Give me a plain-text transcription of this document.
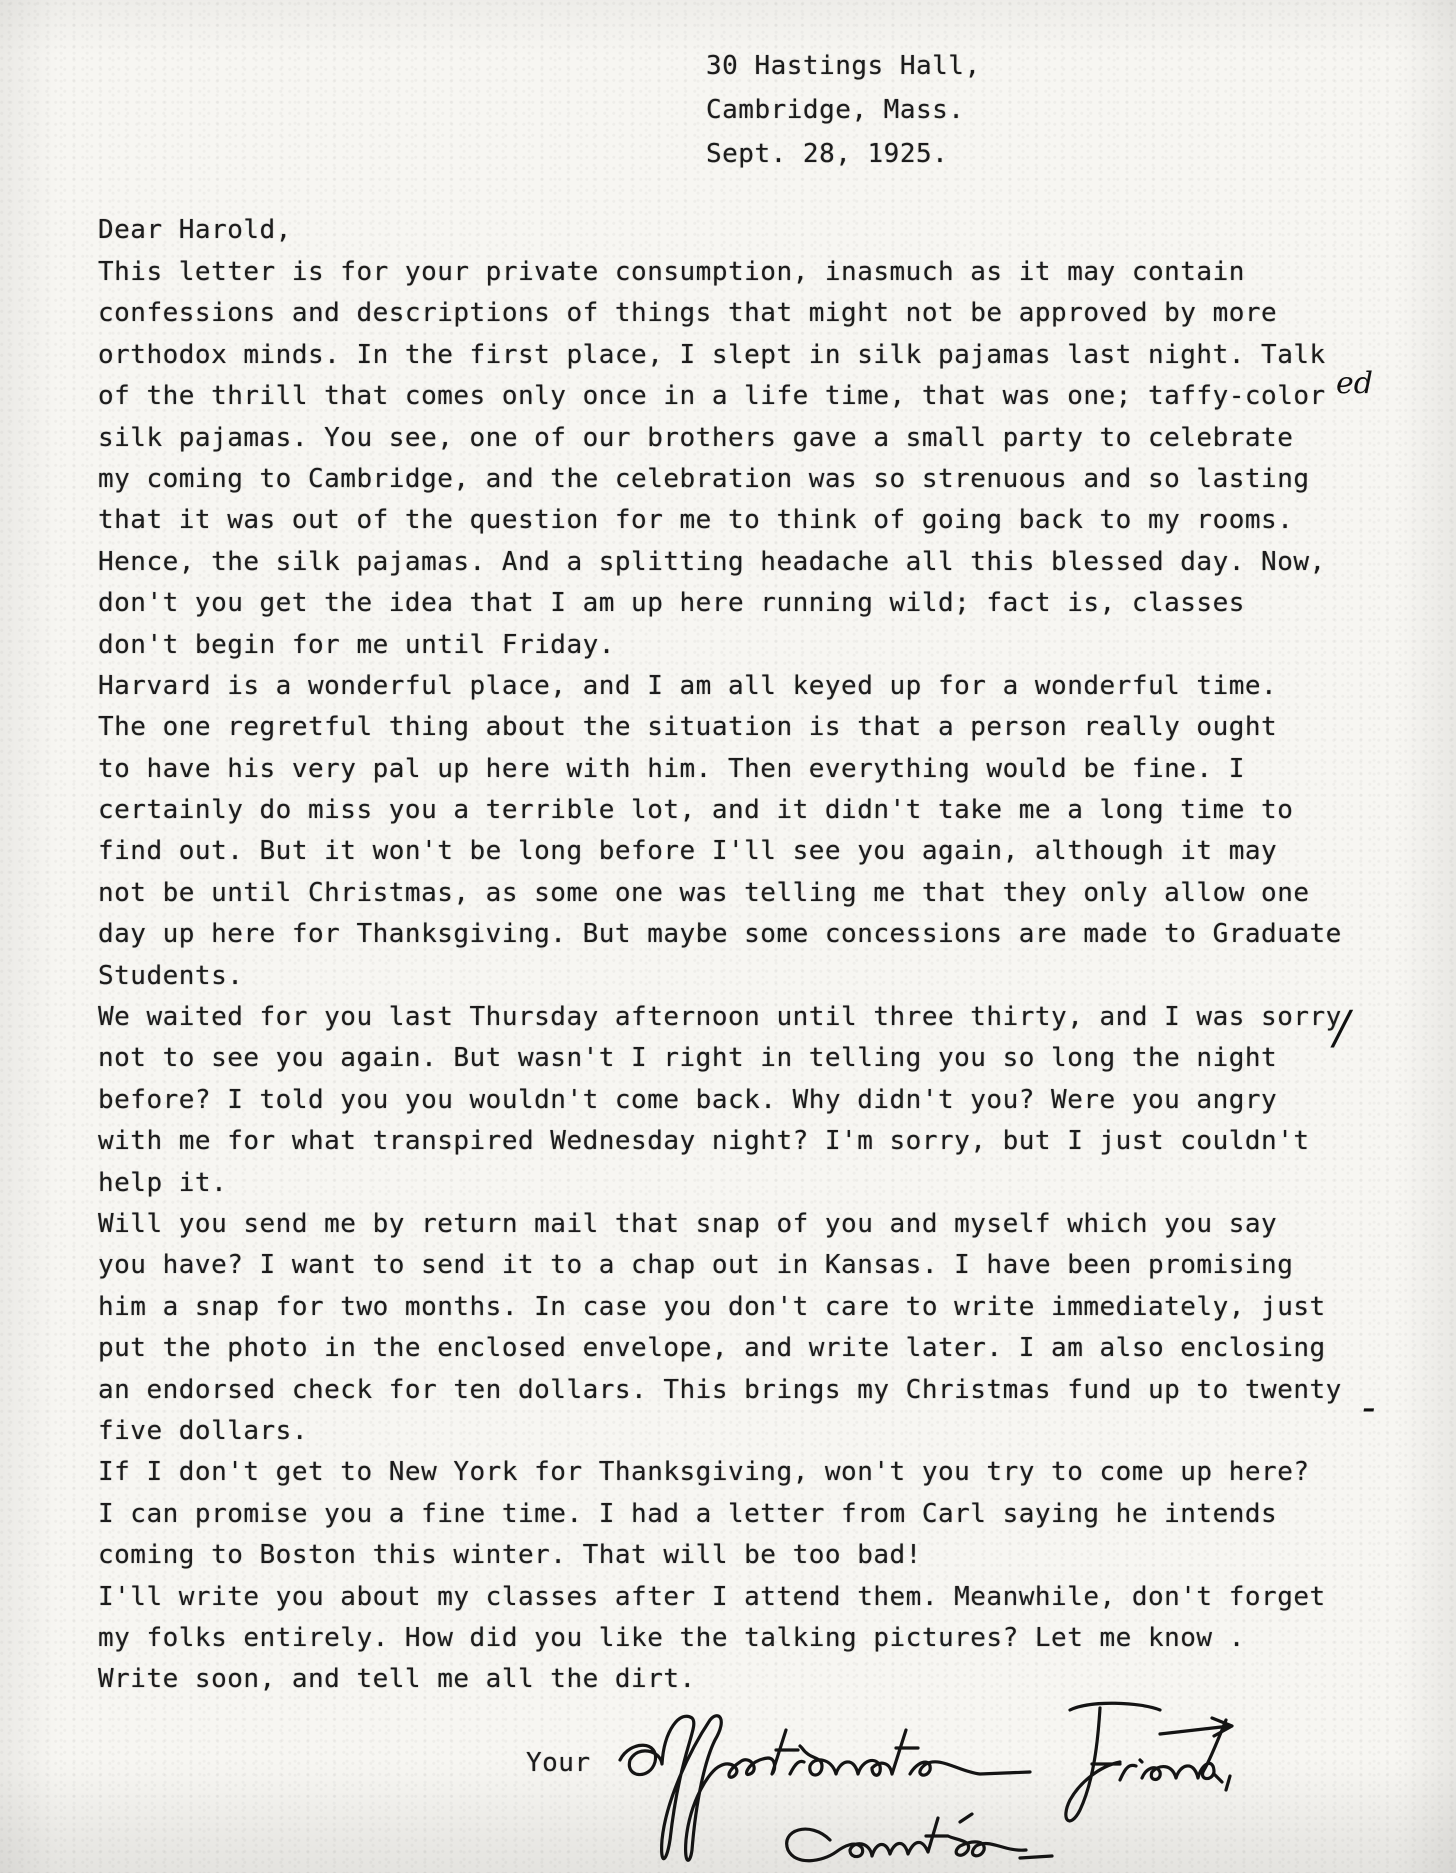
30 Hastings Hall,
Cambridge, Mass.
Sept. 28, 1925.
Dear Harold,
This letter is for your private consumption, inasmuch as it may contain
confessions and descriptions of things that might not be approved by more
orthodox minds. In the first place, I slept in silk pajamas last night. Talk
of the thrill that comes only once in a life time, that was one; taffy-color
silk pajamas. You see, one of our brothers gave a small party to celebrate
my coming to Cambridge, and the celebration was so strenuous and so lasting
that it was out of the question for me to think of going back to my rooms.
Hence, the silk pajamas. And a splitting headache all this blessed day. Now,
don't you get the idea that I am up here running wild; fact is, classes
don't begin for me until Friday.
Harvard is a wonderful place, and I am all keyed up for a wonderful time.
The one regretful thing about the situation is that a person really ought
to have his very pal up here with him. Then everything would be fine. I
certainly do miss you a terrible lot, and it didn't take me a long time to
find out. But it won't be long before I'll see you again, although it may
not be until Christmas, as some one was telling me that they only allow one
day up here for Thanksgiving. But maybe some concessions are made to Graduate
Students.
We waited for you last Thursday afternoon until three thirty, and I was sorry
not to see you again. But wasn't I right in telling you so long the night
before? I told you you wouldn't come back. Why didn't you? Were you angry
with me for what transpired Wednesday night? I'm sorry, but I just couldn't
help it.
Will you send me by return mail that snap of you and myself which you say
you have? I want to send it to a chap out in Kansas. I have been promising
him a snap for two months. In case you don't care to write immediately, just
put the photo in the enclosed envelope, and write later. I am also enclosing
an endorsed check for ten dollars. This brings my Christmas fund up to twenty
five dollars.
If I don't get to New York for Thanksgiving, won't you try to come up here?
I can promise you a fine time. I had a letter from Carl saying he intends
coming to Boston this winter. That will be too bad!
I'll write you about my classes after I attend them. Meanwhile, don't forget
my folks entirely. How did you like the talking pictures? Let me know .
Write soon, and tell me all the dirt.
ed
/
-
Your
